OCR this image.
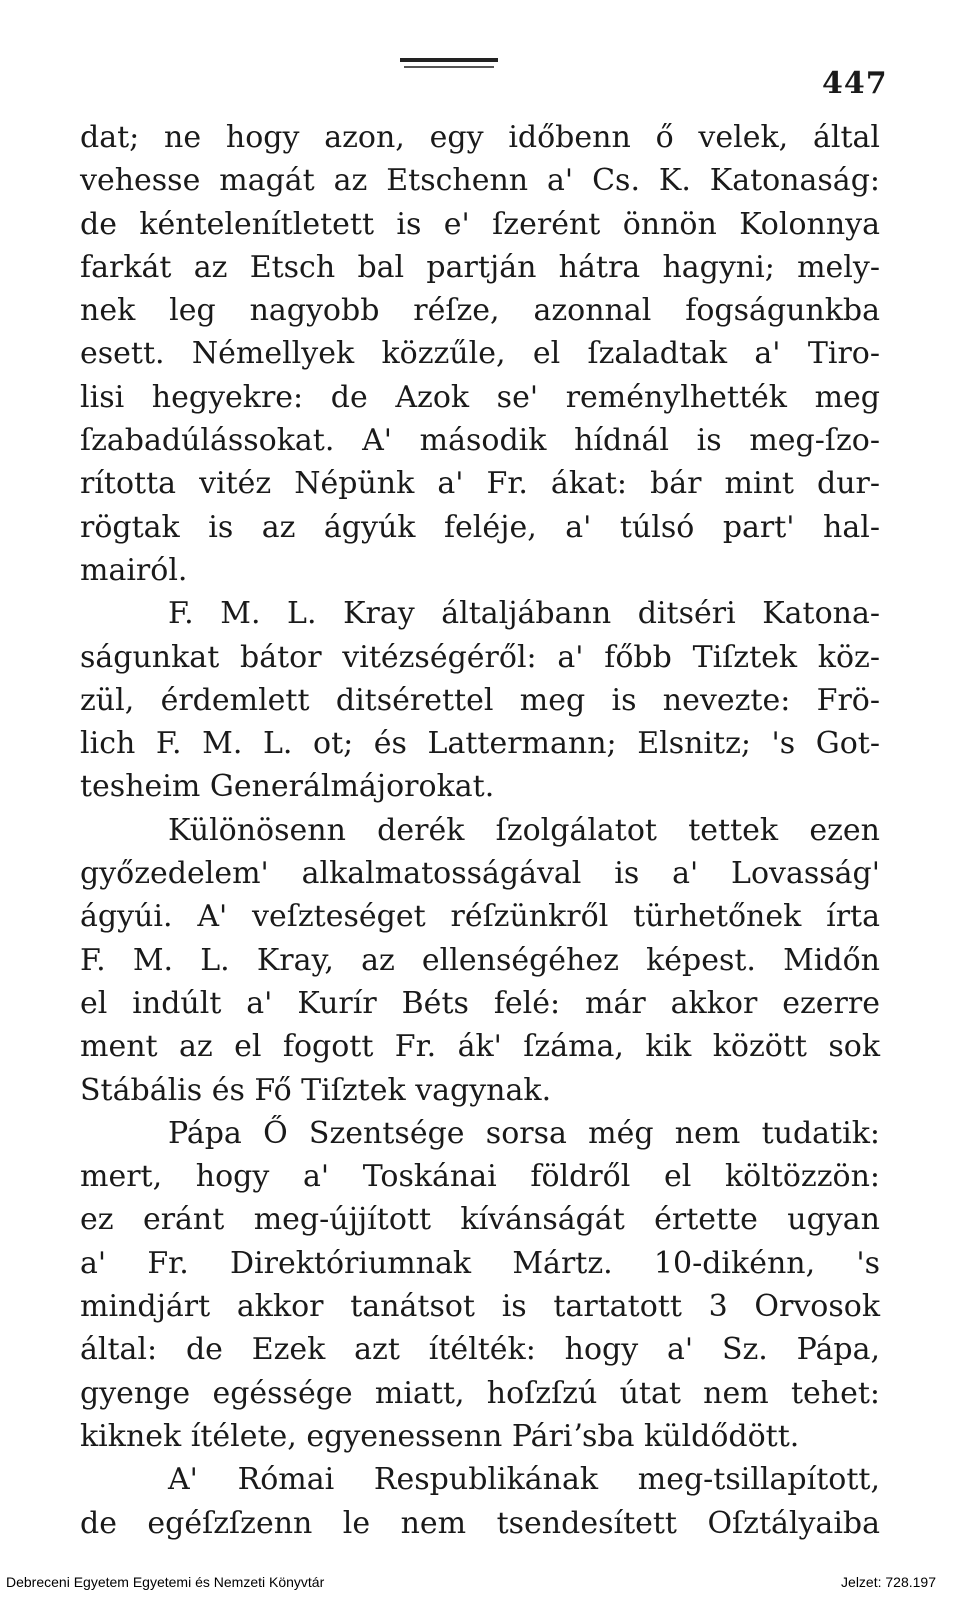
447
dat; ne hogy azon, egy időbenn ő velek, által
vehesse magát az Etschenn a' Cs. K. Katonaság:
de kéntelenítletett is e' ſzerént önnön Kolonnya
farkát az Etsch bal partján hátra hagyni; mely-
nek leg nagyobb réſze, azonnal fogságunkba
esett. Némellyek közzűle, el ſzaladtak a' Tiro-
lisi hegyekre: de Azok se' reménylhették meg
ſzabadúlássokat. A' második hídnál is meg-ſzo-
rította vitéz Népünk a' Fr. ákat: bár mint dur-
rögtak is az ágyúk feléje, a' túlsó part' hal-
mairól.
F. M. L. Kray általjábann ditséri Katona-
ságunkat bátor vitézségéről: a' főbb Tiſztek köz-
zül, érdemlett ditsérettel meg is nevezte: Frö-
lich F. M. L. ot; és Lattermann; Elsnitz; 's Got-
tesheim Generálmájorokat.
Különösenn derék ſzolgálatot tettek ezen
győzedelem' alkalmatosságával is a' Lovasság'
ágyúi. A' veſzteséget réſzünkről türhetőnek írta
F. M. L. Kray, az ellenségéhez képest. Midőn
el indúlt a' Kurír Béts felé: már akkor ezerre
ment az el fogott Fr. ák' ſzáma, kik között sok
Stábális és Fő Tiſztek vagynak.
Pápa Ő Szentsége sorsa még nem tudatik:
mert, hogy a' Toskánai földről el költözzön:
ez eránt meg-újjított kívánságát értette ugyan
a' Fr. Direktóriumnak Mártz. 10-dikénn, 's
mindjárt akkor tanátsot is tartatott 3 Orvosok
által: de Ezek azt ítélték: hogy a' Sz. Pápa,
gyenge egéssége miatt, hoſzſzú útat nem tehet:
kiknek ítélete, egyenessenn Páriʼsba küldődött.
A' Római Respublikának meg-tsillapított,
de egéſzſzenn le nem tsendesített Oſztályaiba
Debreceni Egyetem Egyetemi és Nemzeti Könyvtár	Jelzet: 728.197
